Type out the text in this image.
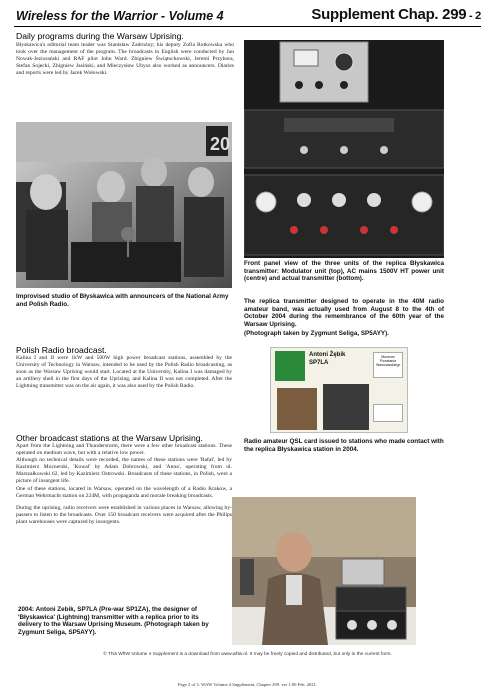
Wireless for the Warrior - Volume 4	Supplement Chap. 299 - 2
Daily programs during the Warsaw Uprising.
Błyskawica's editorial team leader was Stanisław Zadrożny; his deputy Zofia Rutkowska who took over the management of the program. The broadcasts in English were conducted by Jan Nowak-Jeziorański and RAF pilot John Ward. Zbigniew Świątochowski, Jeremi Przybora, Stefan Sojecki, Zbigniew Jasiński, and Mieczysław Ubysz also worked as announcers. Diaries and reports were led by Jacek Wołowski.
20
Improvised studio of Błyskawica with announcers of the National Army and Polish Radio.
Front panel view of the three units of the replica Błyskawica transmitter: Modulator unit (top), AC mains 1500V HT power unit (centre) and actual transmitter (bottom).
The replica transmitter designed to operate in the 40M radio amateur band, was actually used from August 8 to the 4th of October 2004 during the remembrance of the 60th year of the Warsaw Uprising.
(Photograph taken by Zygmunt Seliga, SP5AYY).
Polish Radio broadcast.
Kalina I and II were 1kW and 500W high power broadcast stations, assembled by the University of Technology in Warsaw, intended to be used by the Polish Radio broadcasting, as soon as the Warsaw Uprising would start. Located at the University, Kalina I was damaged by an artillery shell in the first days of the Uprising, and Kalina II was not completed. After the Lightning transmitter was on the air again, it was also used by the Polish Radio.
Antoni Żębik
SP7LA
Muzeum Powstania Warszawskiego
Radio amateur QSL card issued to stations who made contact with the replica Błyskawica station in 2004.
Other broadcast stations at the Warsaw Uprising.

Apart from the Lightning and Thunderstorm, there were a few other broadcast stations. These operated on medium wave, but with a relative low power.

Although no technical details were recorded, the names of these stations were 'Rafał', led by Kazimierz Mocnerski, 'Kowal' by Adam Dobrowski, and 'Anna', operating from ul. Marszałkowski 62, led by Kazimierz Ostrowski. Broadcasts of these stations, in Polish, were a picture of insurgent life.

One of these stations, located in Warsaw, operated on the wavelength of a Radio Krakow, a German Wehrmacht station on 224M, with propaganda and morale breaking broadcasts.

During the uprising, radio receivers were established in various places in Warsaw, allowing by-passers to listen to the broadcasts. Over 150 broadcast receivers were acquired after the Philips plant warehouses were captured by insurgents.

2004: Antoni Zebik, SP7LA (Pre-war SP1ZA), the designer of 'Błyskawica' (Lightning) transmitter with a replica prior to its delivery to the Warsaw Uprising Museum. (Photograph taken by Zygmunt Seliga, SP5AYY).
© This WftW Volume 4 Supplement is a download from www.wftw.nl. It may be freely copied and distributed, but only in the current form.
Page 2 of 3. WftW Volume 4 Supplement, Chapter 299. ver 1.00 Feb. 2021.
